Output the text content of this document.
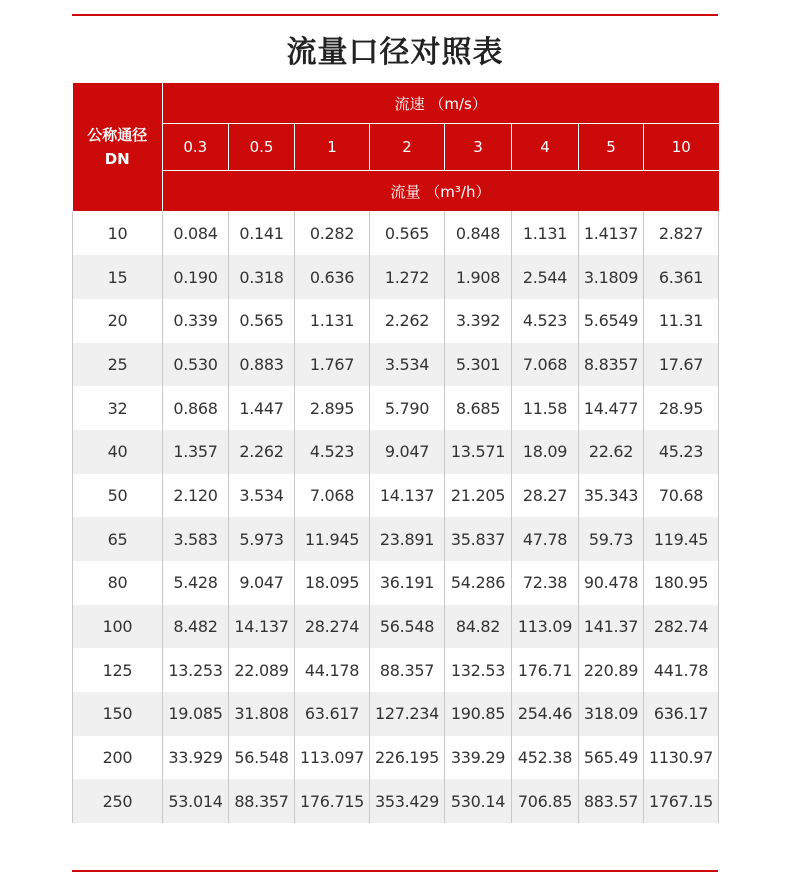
流量口径对照表
公称通径
DN	流速 （m/s）							
	0.3	0.5	1	2	3	4	5	10
	流量 （m³/h）							
10	0.084	0.141	0.282	0.565	0.848	1.131	1.4137	2.827
15	0.190	0.318	0.636	1.272	1.908	2.544	3.1809	6.361
20	0.339	0.565	1.131	2.262	3.392	4.523	5.6549	11.31
25	0.530	0.883	1.767	3.534	5.301	7.068	8.8357	17.67
32	0.868	1.447	2.895	5.790	8.685	11.58	14.477	28.95
40	1.357	2.262	4.523	9.047	13.571	18.09	22.62	45.23
50	2.120	3.534	7.068	14.137	21.205	28.27	35.343	70.68
65	3.583	5.973	11.945	23.891	35.837	47.78	59.73	119.45
80	5.428	9.047	18.095	36.191	54.286	72.38	90.478	180.95
100	8.482	14.137	28.274	56.548	84.82	113.09	141.37	282.74
125	13.253	22.089	44.178	88.357	132.53	176.71	220.89	441.78
150	19.085	31.808	63.617	127.234	190.85	254.46	318.09	636.17
200	33.929	56.548	113.097	226.195	339.29	452.38	565.49	1130.97
250	53.014	88.357	176.715	353.429	530.14	706.85	883.57	1767.15
